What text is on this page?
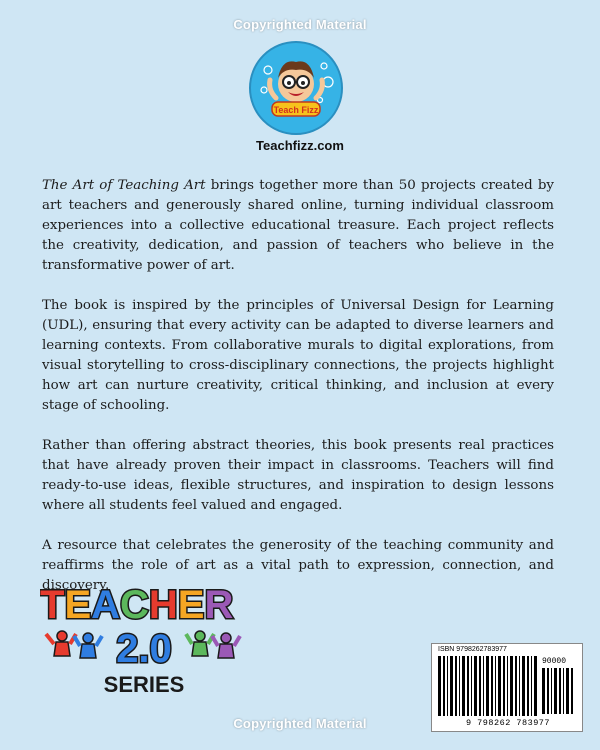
Copyrighted Material
Teach Fizz
Teachfizz.com

The Art of Teaching Art brings together more than 50 projects created by art teachers and generously shared online, turning individual classroom experiences into a collective educational treasure. Each project reflects the creativity, dedication, and passion of teachers who believe in the transformative power of art.

The book is inspired by the principles of Universal Design for Learning (UDL), ensuring that every activity can be adapted to diverse learners and learning contexts. From collaborative murals to digital explorations, from visual storytelling to cross-disciplinary connections, the projects highlight how art can nurture creativity, critical thinking, and inclusion at every stage of schooling.

Rather than offering abstract theories, this book presents real practices that have already proven their impact in classrooms. Teachers will find ready-to-use ideas, flexible structures, and inspiration to design lessons where all students feel valued and engaged.

A resource that celebrates the generosity of the teaching community and reaffirms the role of art as a vital path to expression, connection, and discovery.

TEACHER
2.0
SERIES
ISBN 9798262783977
90000
9 798262 783977
Copyrighted Material
